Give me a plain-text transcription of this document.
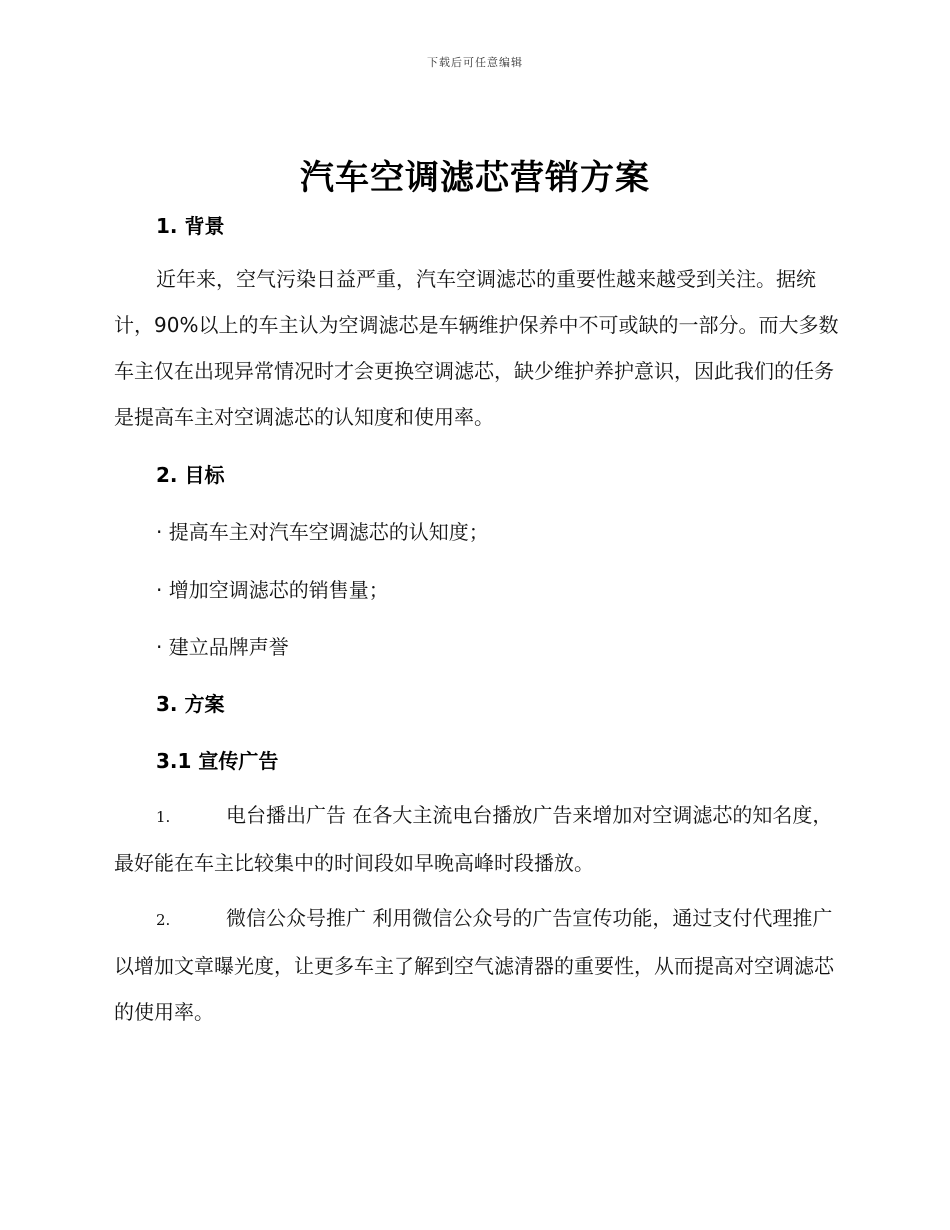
下载后可任意编辑
汽车空调滤芯营销方案
1. 背景

近年来，空气污染日益严重，汽车空调滤芯的重要性越来越受到关注。据统计，90%以上的车主认为空调滤芯是车辆维护保养中不可或缺的一部分。而大多数车主仅在出现异常情况时才会更换空调滤芯，缺少维护养护意识，因此我们的任务是提高车主对空调滤芯的认知度和使用率。

2. 目标

· 提高车主对汽车空调滤芯的认知度；

· 增加空调滤芯的销售量；

· 建立品牌声誉

3. 方案
3.1 宣传广告

1.	电台播出广告 在各大主流电台播放广告来增加对空调滤芯的知名度，最好能在车主比较集中的时间段如早晚高峰时段播放。

2.	微信公众号推广 利用微信公众号的广告宣传功能，通过支付代理推广以增加文章曝光度，让更多车主了解到空气滤清器的重要性，从而提高对空调滤芯的使用率。
